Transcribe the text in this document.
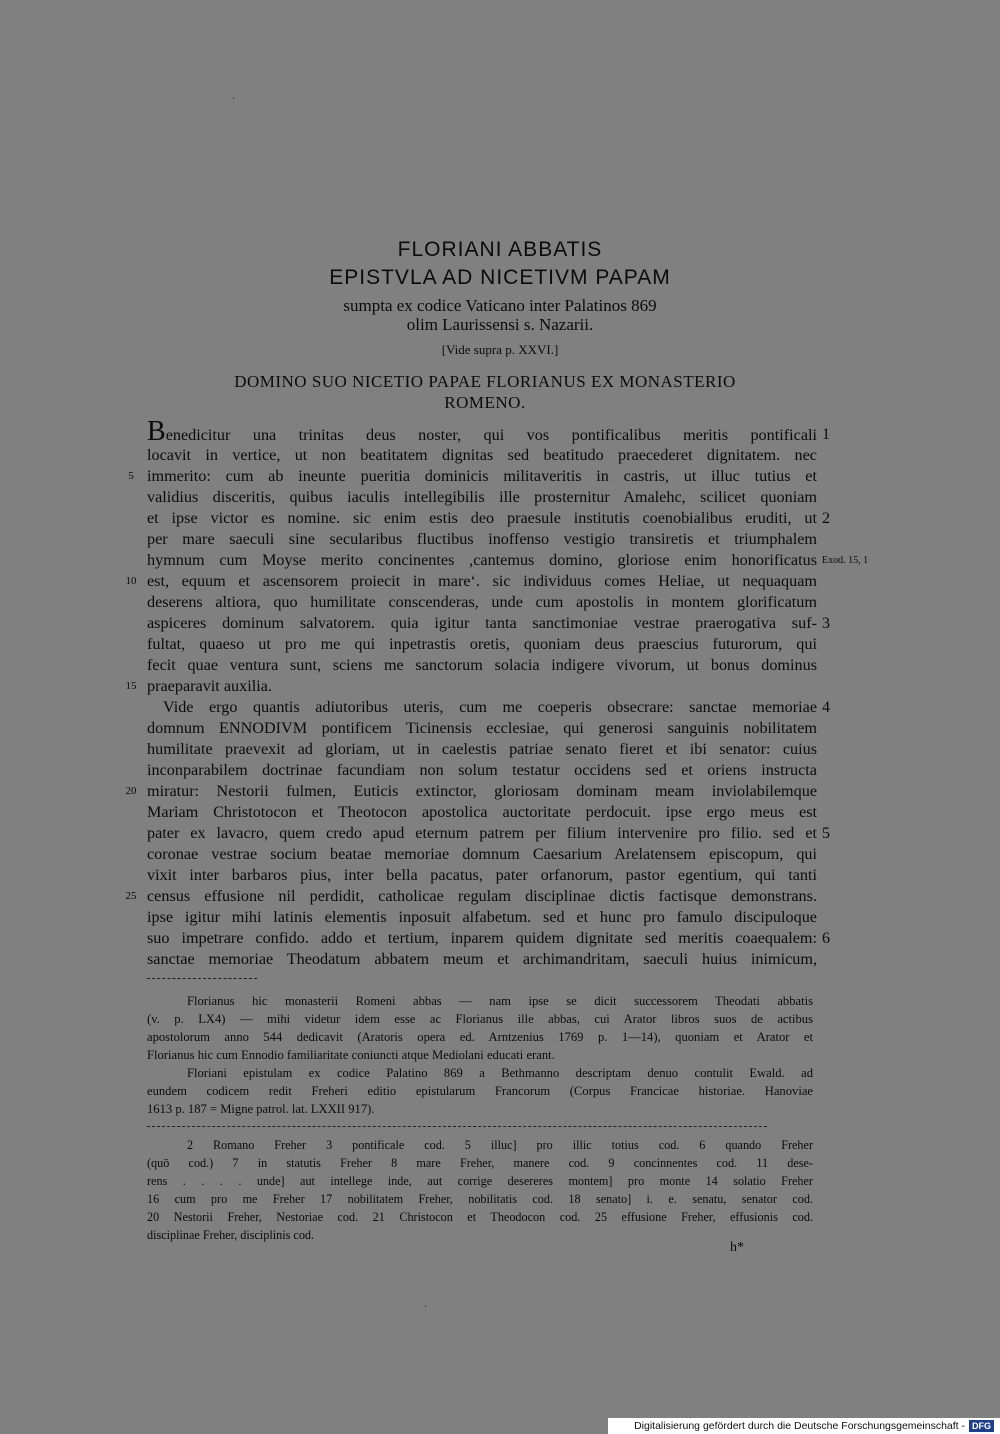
·
FLORIANI ABBATIS
EPISTVLA AD NICETIVM PAPAM
sumpta ex codice Vaticano inter Palatinos 869
olim Laurissensi s. Nazarii.
[Vide supra p. XXVI.]
DOMINO SUO NICETIO PAPAE FLORIANUS EX MONASTERIO
ROMENO.
Benedicitur una trinitas deus noster, qui vos pontificalibus meritis pontificali
locavit in vertice, ut non beatitatem dignitas sed beatitudo praecederet dignitatem. nec
immerito: cum ab ineunte pueritia dominicis militaveritis in castris, ut illuc tutius et
validius disceritis, quibus iaculis intellegibilis ille prosternitur Amalehc, scilicet quoniam
et ipse victor es nomine. sic enim estis deo praesule institutis coenobialibus eruditi, ut
per mare saeculi sine secularibus fluctibus inoffenso vestigio transiretis et triumphalem
hymnum cum Moyse merito concinentes ,cantemus domino, gloriose enim honorificatus
est, equum et ascensorem proiecit in mare‘. sic individuus comes Heliae, ut nequaquam
deserens altiora, quo humilitate conscenderas, unde cum apostolis in montem glorificatum
aspiceres dominum salvatorem. quia igitur tanta sanctimoniae vestrae praerogativa suf-
fultat, quaeso ut pro me qui inpetrastis oretis, quoniam deus praescius futurorum, qui
fecit quae ventura sunt, sciens me sanctorum solacia indigere vivorum, ut bonus dominus
praeparavit auxilia.
Vide ergo quantis adiutoribus uteris, cum me coeperis obsecrare: sanctae memoriae
domnum ENNODIVM pontificem Ticinensis ecclesiae, qui generosi sanguinis nobilitatem
humilitate praevexit ad gloriam, ut in caelestis patriae senato fieret et ibi senator: cuius
inconparabilem doctrinae facundiam non solum testatur occidens sed et oriens instructa
miratur: Nestorii fulmen, Euticis extinctor, gloriosam dominam meam inviolabilemque
Mariam Christotocon et Theotocon apostolica auctoritate perdocuit. ipse ergo meus est
pater ex lavacro, quem credo apud eternum patrem per filium intervenire pro filio. sed et
coronae vestrae socium beatae memoriae domnum Caesarium Arelatensem episcopum, qui
vixit inter barbaros pius, inter bella pacatus, pater orfanorum, pastor egentium, qui tanti
census effusione nil perdidit, catholicae regulam disciplinae dictis factisque demonstrans.
ipse igitur mihi latinis elementis inposuit alfabetum. sed et hunc pro famulo discipuloque
suo impetrare confido. addo et tertium, inparem quidem dignitate sed meritis coaequalem:
sanctae memoriae Theodatum abbatem meum et archimandritam, saeculi huius inimicum,
5
10
15
20
25
1
2
Exod. 15, 1
3
4
5
6
Florianus hic monasterii Romeni abbas — nam ipse se dicit successorem Theodati abbatis
(v. p. LX4) — mihi videtur idem esse ac Florianus ille abbas, cui Arator libros suos de actibus
apostolorum anno 544 dedicavit (Aratoris opera ed. Arntzenius 1769 p. 1—14), quoniam et Arator et
Florianus hic cum Ennodio familiaritate coniuncti atque Mediolani educati erant.
Floriani epistulam ex codice Palatino 869 a Bethmanno descriptam denuo contulit Ewald. ad
eundem codicem redit Freheri editio epistularum Francorum (Corpus Francicae historiae. Hanoviae
1613 p. 187 = Migne patrol. lat. LXXII 917).
2 Romano Freher 3 pontificale cod. 5 illuc] pro illic totius cod. 6 quando Freher
(quō cod.) 7 in statutis Freher 8 mare Freher, manere cod. 9 concinnentes cod. 11 dese-
rens . . . . unde] aut intellege inde, aut corrige desereres montem] pro monte 14 solatio Freher
16 cum pro me Freher 17 nobilitatem Freher, nobilitatis cod. 18 senato] i. e. senatu, senator cod.
20 Nestorii Freher, Nestoriae cod. 21 Christocon et Theodocon cod. 25 effusione Freher, effusionis cod.
disciplinae Freher, disciplinis cod.
h*
·
Digitalisierung gefördert durch die Deutsche Forschungsgemeinschaft - DFG
